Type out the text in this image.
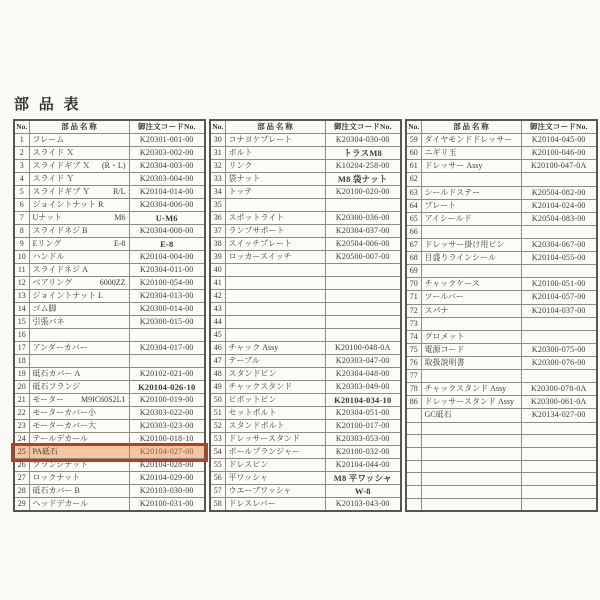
部 品 表
No.	部 品 名 称	御注文コードNo.
1	フレーム	K20301-001-00
2	スライド Ｘ	K20303-002-00
3	スライドギブ Ｘ (R・L)	K20304-003-00
4	スライド Ｙ	K20303-004-00
5	スライドギブ Ｙ R/L	K20104-014-00
6	ジョイントナット R	K20304-006-00
7	Uナット M6	U-M6
8	スライドネジ B	K20304-008-00
9	Eリング E-8	E-8
10	ハンドル	K20104-004-00
11	スライドネジ A	K20304-011-00
12	ベアリング 6000ZZ	K20100-054-00
13	ジョイントナット L	K20304-013-00
14	ゴム脚	K20300-014-00
15	引張バネ	K20300-015-00
16	

17	アンダーカバー	K20304-017-00
18	

19	砥石カバー A	K20102-021-00
20	砥石フランジ	K20104-026-10
21	モーター M9IC60S2L1	K20100-019-00
22	モーターカバー小	K20303-022-00
23	モーターカバー大	K20303-023-00
24	テールデカール	K20100-018-10
25	PA砥石	K20104-027-00
26	フランジナット	K20104-028-00
27	ロックナット	K20104-029-00
28	砥石カバー B	K20103-030-00
29	ヘッドデカール	K20100-031-00
No.	部 品 名 称	御注文コードNo.
30	コナヨケプレート	K20304-030-00
31	ボルト	トラスM8
32	リンク	K10204-258-00
33	袋ナット	M8 袋ナット
34	トッテ	K20100-020-00
35	

36	スポットライト	K20300-036-00
37	ランプサポート	K20304-037-00
38	スイッチプレート	K20504-006-00
39	ロッカースイッチ	K20500-007-00
40	

41	

42	

43	

44	

45	

46	チャック Assy	K20100-048-0A
47	テーブル	K20303-047-00
48	スタンドピン	K20304-048-00
49	チャックスタンド	K20303-049-00
50	ピボットピン	K20104-034-10
51	セットボルト	K20304-051-00
52	スタンドボルト	K20100-017-00
53	ドレッサースタンド	K20303-053-00
54	ボールプランジャー	K20100-032-00
55	ドレスピン	K20104-044-00
56	平ワッシャ	M8 平ワッシャ
57	ウエーブワッシャ	W-8
58	ドレスレバー	K20103-043-00
No.	部 品 名 称	御注文コードNo.
59	ダイヤモンドドレッサー	K20104-045-00
60	ニギリ玉	K20100-046-00
61	ドレッサー Assy	K20100-047-0A
62	

63	シールドステー	K20504-082-00
64	プレート	K20104-024-00
65	アイシールド	K20504-083-00
66	

67	ドレッサー掛け用ピン	K20304-067-00
68	目盛りラインシール	K20104-055-00
69	

70	チャックケース	K20100-051-00
71	ツールバー	K20104-057-00
72	スパナ	K20104-037-00
73	

74	グロメット	

75	電源コード	K20300-075-00
76	取扱説明書	K20300-076-00
77	

78	チャックスタンド Assy	K20300-078-0A
86	ドレッサースタンド Assy	K20300-061-0A

	GC砥石	K20134-027-00
